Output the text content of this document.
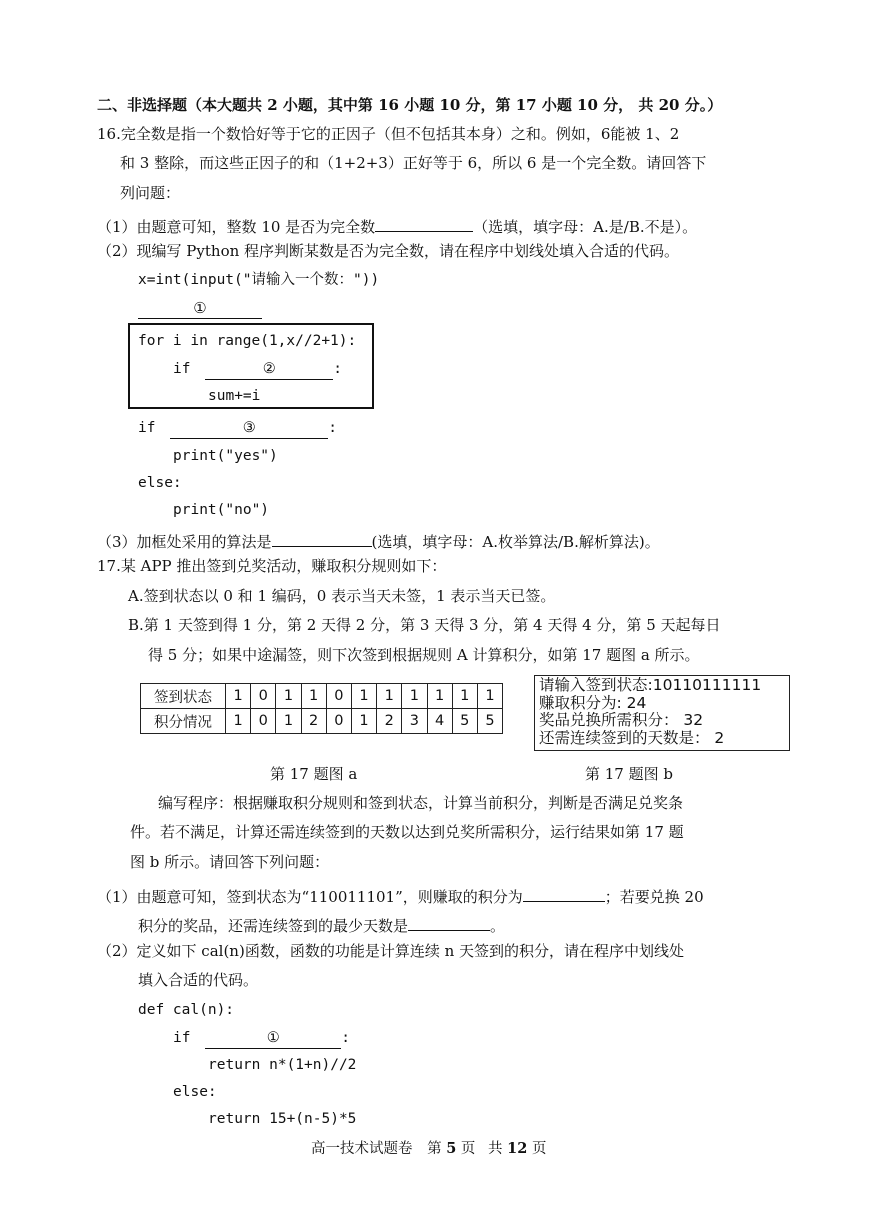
二、非选择题（本大题共 2 小题，其中第 16 小题 10 分，第 17 小题 10 分， 共 20 分。）
16.完全数是指一个数恰好等于它的正因子（但不包括其本身）之和。例如，6能被 1、2
和 3 整除，而这些正因子的和（1+2+3）正好等于 6，所以 6 是一个完全数。请回答下
列问题：
（1）由题意可知，整数 10 是否为完全数	（选填，填字母：A.是/B.不是）。
（2）现编写 Python 程序判断某数是否为完全数，请在程序中划线处填入合适的代码。
x=int(input("请输入一个数："))
①
for i in range(1,x//2+1):
if	②	:
sum+=i
if	③	:
print("yes")
else:
print("no")
（3）加框处采用的算法是	(选填，填字母：A.枚举算法/B.解析算法)。
17.某 APP 推出签到兑奖活动，赚取积分规则如下：
A.签到状态以 0 和 1 编码，0 表示当天未签，1 表示当天已签。
B.第 1 天签到得 1 分，第 2 天得 2 分，第 3 天得 3 分，第 4 天得 4 分，第 5 天起每日
得 5 分；如果中途漏签，则下次签到根据规则 A 计算积分，如第 17 题图 a 所示。
签到状态	1	0	1	1	0	1	1	1	1	1	1
积分情况	1	0	1	2	0	1	2	3	4	5	5
请输入签到状态:10110111111
赚取积分为: 24
奖品兑换所需积分： 32
还需连续签到的天数是： 2
第 17 题图 a	第 17 题图 b
编写程序：根据赚取积分规则和签到状态，计算当前积分，判断是否满足兑奖条
件。若不满足，计算还需连续签到的天数以达到兑奖所需积分，运行结果如第 17 题
图 b 所示。请回答下列问题：
（1）由题意可知，签到状态为“110011101”，则赚取的积分为	；若要兑换 20
积分的奖品，还需连续签到的最少天数是	。
（2）定义如下 cal(n)函数，函数的功能是计算连续 n 天签到的积分，请在程序中划线处
填入合适的代码。
def cal(n):
if	①	:
return n*(1+n)//2
else:
return 15+(n-5)*5
高一技术试题卷 第 5 页 共 12 页
